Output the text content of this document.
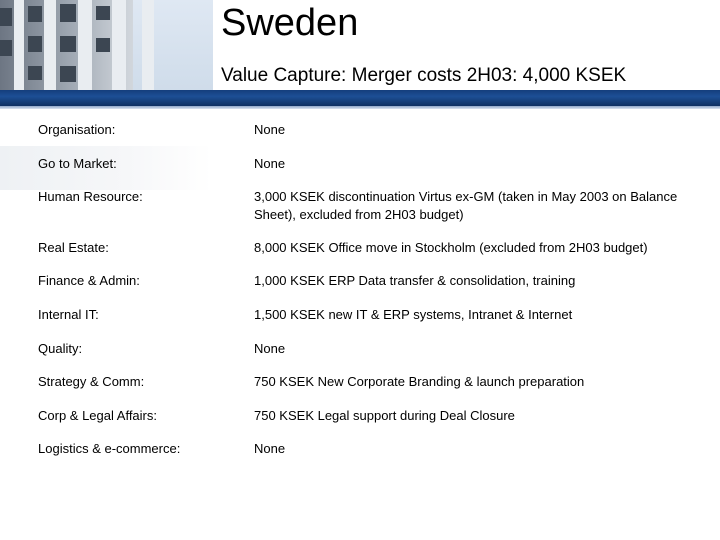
Sweden
Value Capture: Merger costs 2H03: 4,000 KSEK
Organisation:	None
Go to Market:	None
Human Resource:	3,000 KSEK discontinuation Virtus ex-GM (taken in May 2003 on Balance Sheet), excluded from 2H03 budget)
Real Estate:	8,000 KSEK Office move in Stockholm (excluded from 2H03 budget)
Finance & Admin:	1,000 KSEK ERP Data transfer & consolidation, training
Internal IT:	1,500 KSEK new IT & ERP systems, Intranet & Internet
Quality:	None
Strategy & Comm:	750 KSEK New Corporate Branding & launch preparation
Corp & Legal Affairs:	750 KSEK Legal support during Deal Closure
Logistics & e-commerce:	None
